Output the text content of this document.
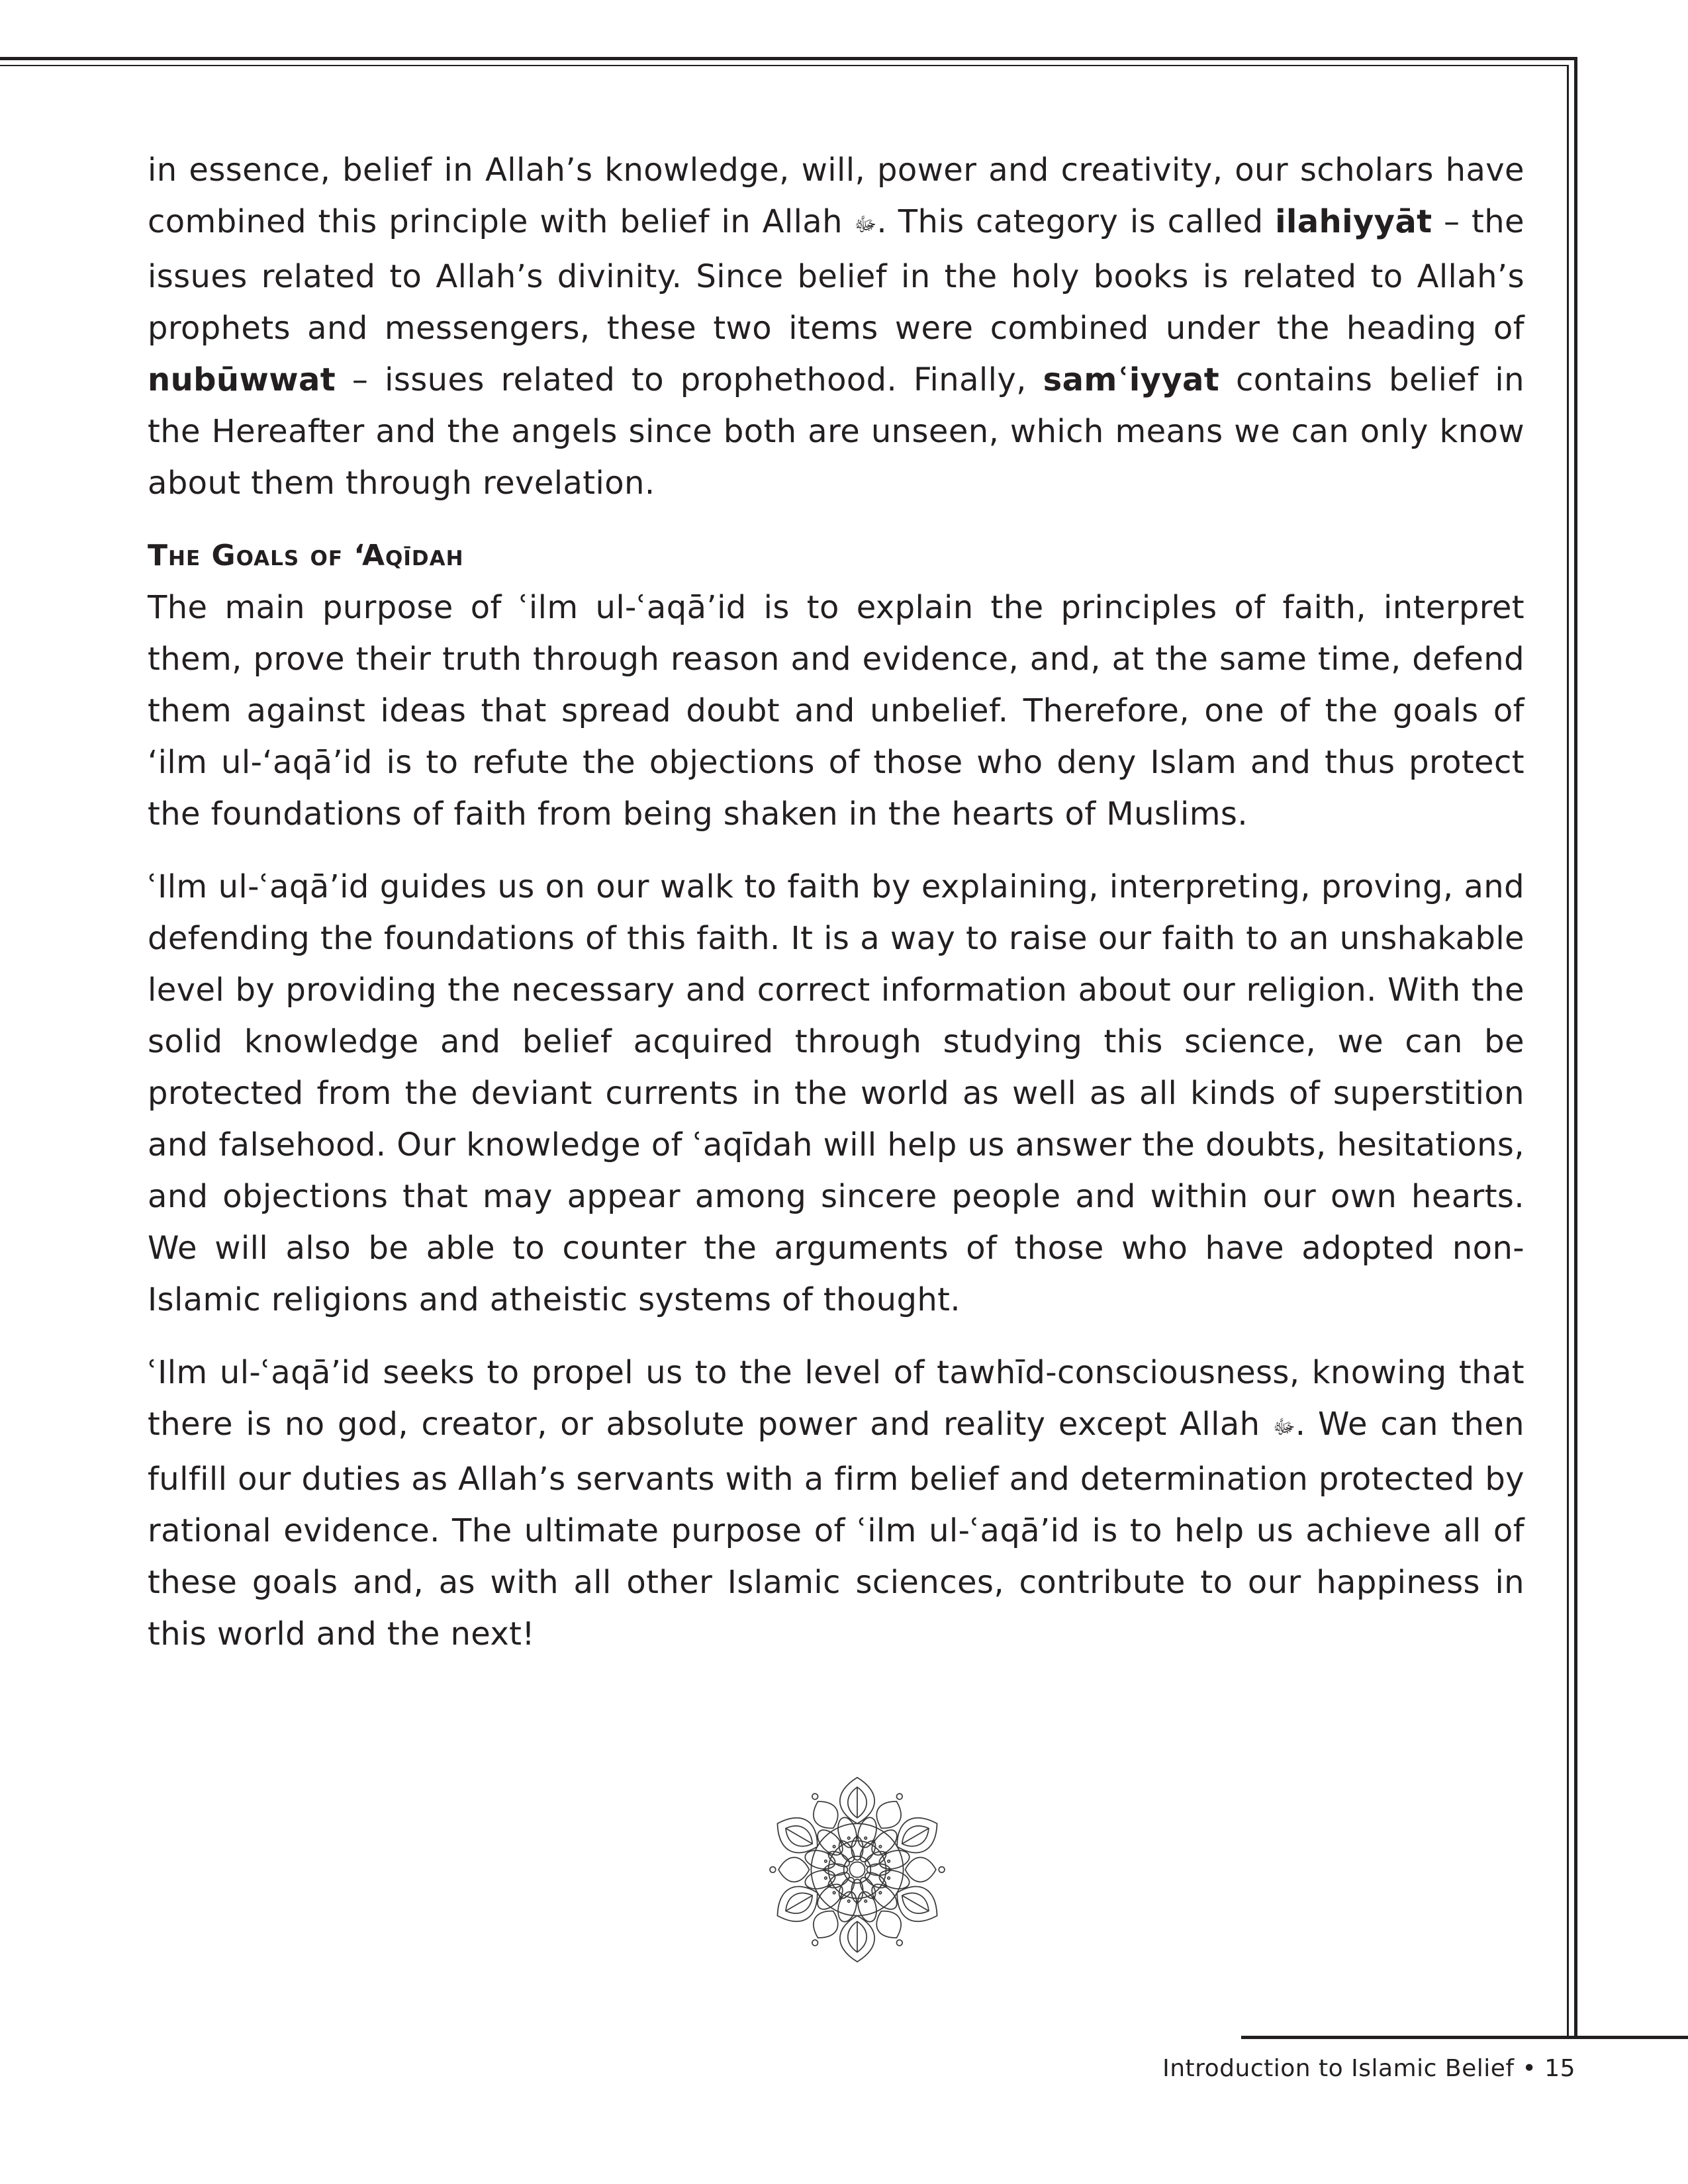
in essence, belief in Allah’s knowledge, will, power and creativity, our scholars have combined this principle with belief in Allah ﷻ. This category is called ilahiyyāt – the issues related to Allah’s divinity. Since belief in the holy books is related to Allah’s prophets and messengers, these two items were combined under the heading of nubūwwat – issues related to prophethood. Finally, samʿiyyat contains belief in the Hereafter and the angels since both are unseen, which means we can only know about them through revelation.

The Goals of ‘Aqīdah

The main purpose of ʿilm ul-ʿaqā’id is to explain the principles of faith, interpret them, prove their truth through reason and evidence, and, at the same time, defend them against ideas that spread doubt and unbelief. Therefore, one of the goals of ‘ilm ul-‘aqā’id is to refute the objections of those who deny Islam and thus protect the foundations of faith from being shaken in the hearts of Muslims.

ʿIlm ul-ʿaqā’id guides us on our walk to faith by explaining, interpreting, proving, and defending the foundations of this faith. It is a way to raise our faith to an unshakable level by providing the necessary and correct information about our religion. With the solid knowledge and belief acquired through studying this science, we can be protected from the deviant currents in the world as well as all kinds of superstition and falsehood. Our knowledge of ʿaqīdah will help us answer the doubts, hesitations, and objections that may appear among sincere people and within our own hearts. We will also be able to counter the arguments of those who have adopted non-Islamic religions and atheistic systems of thought.

ʿIlm ul-ʿaqā’id seeks to propel us to the level of tawhīd-consciousness, knowing that there is no god, creator, or absolute power and reality except Allah ﷻ. We can then fulfill our duties as Allah’s servants with a firm belief and determination protected by rational evidence. The ultimate purpose of ʿilm ul-ʿaqā’id is to help us achieve all of these goals and, as with all other Islamic sciences, contribute to our happiness in this world and the next!

Introduction to Islamic Belief • 15
